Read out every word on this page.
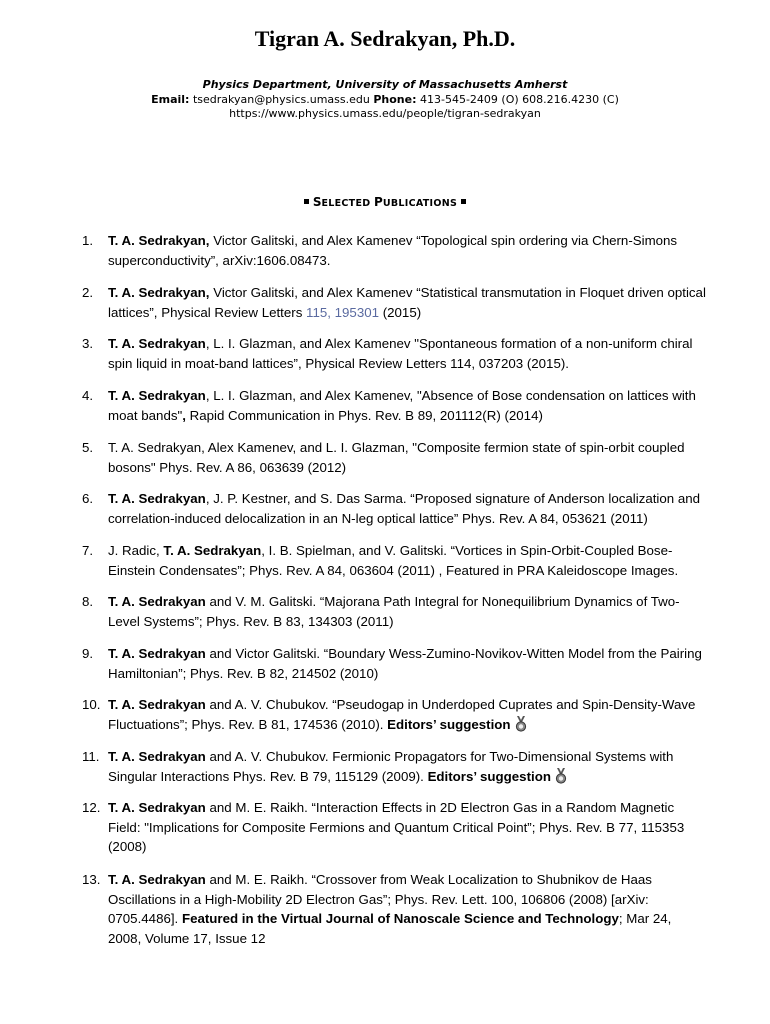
Tigran A. Sedrakyan, Ph.D.
Physics Department, University of Massachusetts Amherst
Email: tsedrakyan@physics.umass.edu Phone: 413-545-2409 (O) 608.216.4230 (C)
https://www.physics.umass.edu/people/tigran-sedrakyan
SELECTED PUBLICATIONS
1.	T. A. Sedrakyan, Victor Galitski, and Alex Kamenev “Topological spin ordering via Chern-Simons superconductivity”, arXiv:1606.08473.
2.	T. A. Sedrakyan, Victor Galitski, and Alex Kamenev “Statistical transmutation in Floquet driven optical lattices”, Physical Review Letters 115, 195301 (2015)
3.	T. A. Sedrakyan, L. I. Glazman, and Alex Kamenev "Spontaneous formation of a non-uniform chiral spin liquid in moat-band lattices”, Physical Review Letters 114, 037203 (2015).
4.	T. A. Sedrakyan, L. I. Glazman, and Alex Kamenev, "Absence of Bose condensation on lattices with moat bands", Rapid Communication in Phys. Rev. B 89, 201112(R) (2014)
5.	T. A. Sedrakyan, Alex Kamenev, and L. I. Glazman, "Composite fermion state of spin-orbit coupled bosons" Phys. Rev. A 86, 063639 (2012)
6.	T. A. Sedrakyan, J. P. Kestner, and S. Das Sarma. “Proposed signature of Anderson localization and correlation-induced delocalization in an N-leg optical lattice” Phys. Rev. A 84, 053621 (2011)
7.	J. Radic, T. A. Sedrakyan, I. B. Spielman, and V. Galitski. “Vortices in Spin-Orbit-Coupled Bose-Einstein Condensates”; Phys. Rev. A 84, 063604 (2011) , Featured in PRA Kaleidoscope Images.
8.	T. A. Sedrakyan and V. M. Galitski. “Majorana Path Integral for Nonequilibrium Dynamics of Two-Level Systems”; Phys. Rev. B 83, 134303 (2011)
9.	T. A. Sedrakyan and Victor Galitski. “Boundary Wess-Zumino-Novikov-Witten Model from the Pairing Hamiltonian”; Phys. Rev. B 82, 214502 (2010)
10. T. A. Sedrakyan and A. V. Chubukov. “Pseudogap in Underdoped Cuprates and Spin-Density-Wave Fluctuations”; Phys. Rev. B 81, 174536 (2010). Editors’ suggestion
11. T. A. Sedrakyan and A. V. Chubukov. Fermionic Propagators for Two-Dimensional Systems with Singular Interactions Phys. Rev. B 79, 115129 (2009). Editors’ suggestion
12. T. A. Sedrakyan and M. E. Raikh. “Interaction Effects in 2D Electron Gas in a Random Magnetic Field: "Implications for Composite Fermions and Quantum Critical Point”; Phys. Rev. B 77, 115353 (2008)
13. T. A. Sedrakyan and M. E. Raikh. “Crossover from Weak Localization to Shubnikov de Haas Oscillations in a High-Mobility 2D Electron Gas”; Phys. Rev. Lett. 100, 106806 (2008) [arXiv: 0705.4486]. Featured in the Virtual Journal of Nanoscale Science and Technology; Mar 24, 2008, Volume 17, Issue 12
